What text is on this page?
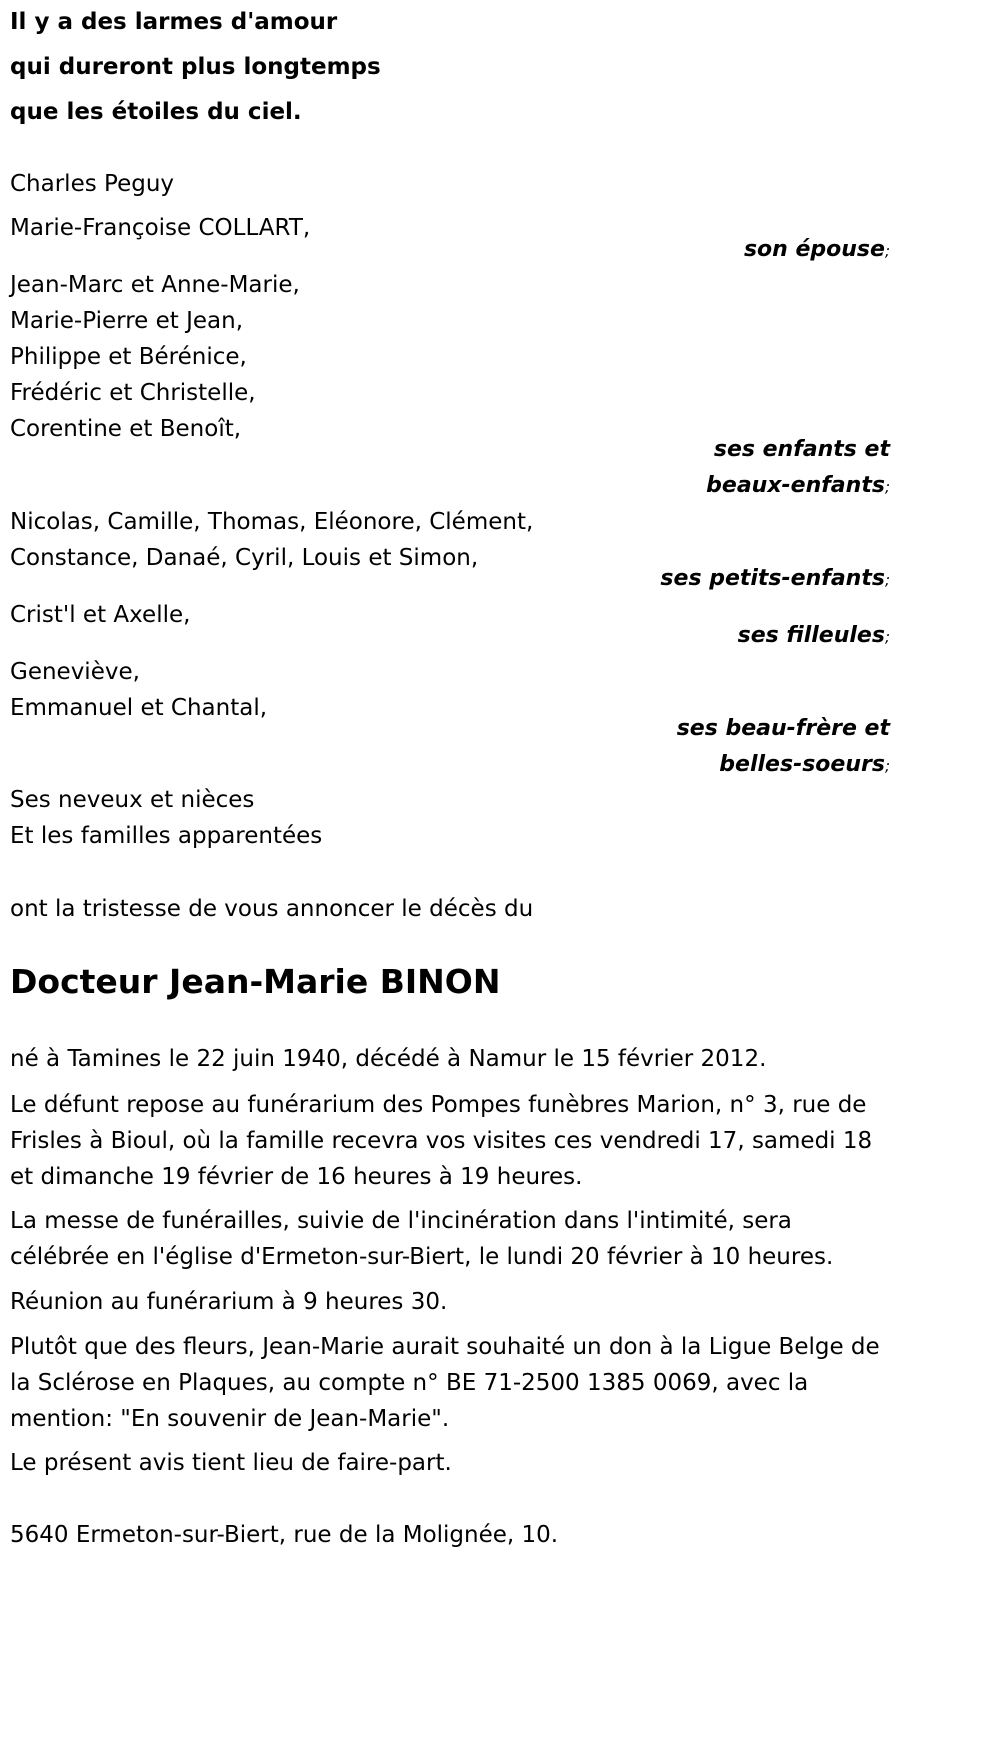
Il y a des larmes d'amour
qui dureront plus longtemps
que les étoiles du ciel.
Charles Peguy
Marie-Françoise COLLART,
son épouse;
Jean-Marc et Anne-Marie,
Marie-Pierre et Jean,
Philippe et Bérénice,
Frédéric et Christelle,
Corentine et Benoît,
ses enfants et
beaux-enfants;
Nicolas, Camille, Thomas, Eléonore, Clément,
Constance, Danaé, Cyril, Louis et Simon,
ses petits-enfants;
Crist'l et Axelle,
ses filleules;
Geneviève,
Emmanuel et Chantal,
ses beau-frère et
belles-soeurs;
Ses neveux et nièces
Et les familles apparentées
ont la tristesse de vous annoncer le décès du
Docteur Jean-Marie BINON
né à Tamines le 22 juin 1940, décédé à Namur le 15 février 2012.
Le défunt repose au funérarium des Pompes funèbres Marion, n° 3, rue de Frisles à Bioul, où la famille recevra vos visites ces vendredi 17, samedi 18 et dimanche 19 février de 16 heures à 19 heures.
La messe de funérailles, suivie de l'incinération dans l'intimité, sera célébrée en l'église d'Ermeton-sur-Biert, le lundi 20 février à 10 heures.
Réunion au funérarium à 9 heures 30.
Plutôt que des fleurs, Jean-Marie aurait souhaité un don à la Ligue Belge de la Sclérose en Plaques, au compte n° BE 71-2500 1385 0069, avec la mention: "En souvenir de Jean-Marie".
Le présent avis tient lieu de faire-part.
5640 Ermeton-sur-Biert, rue de la Molignée, 10.
